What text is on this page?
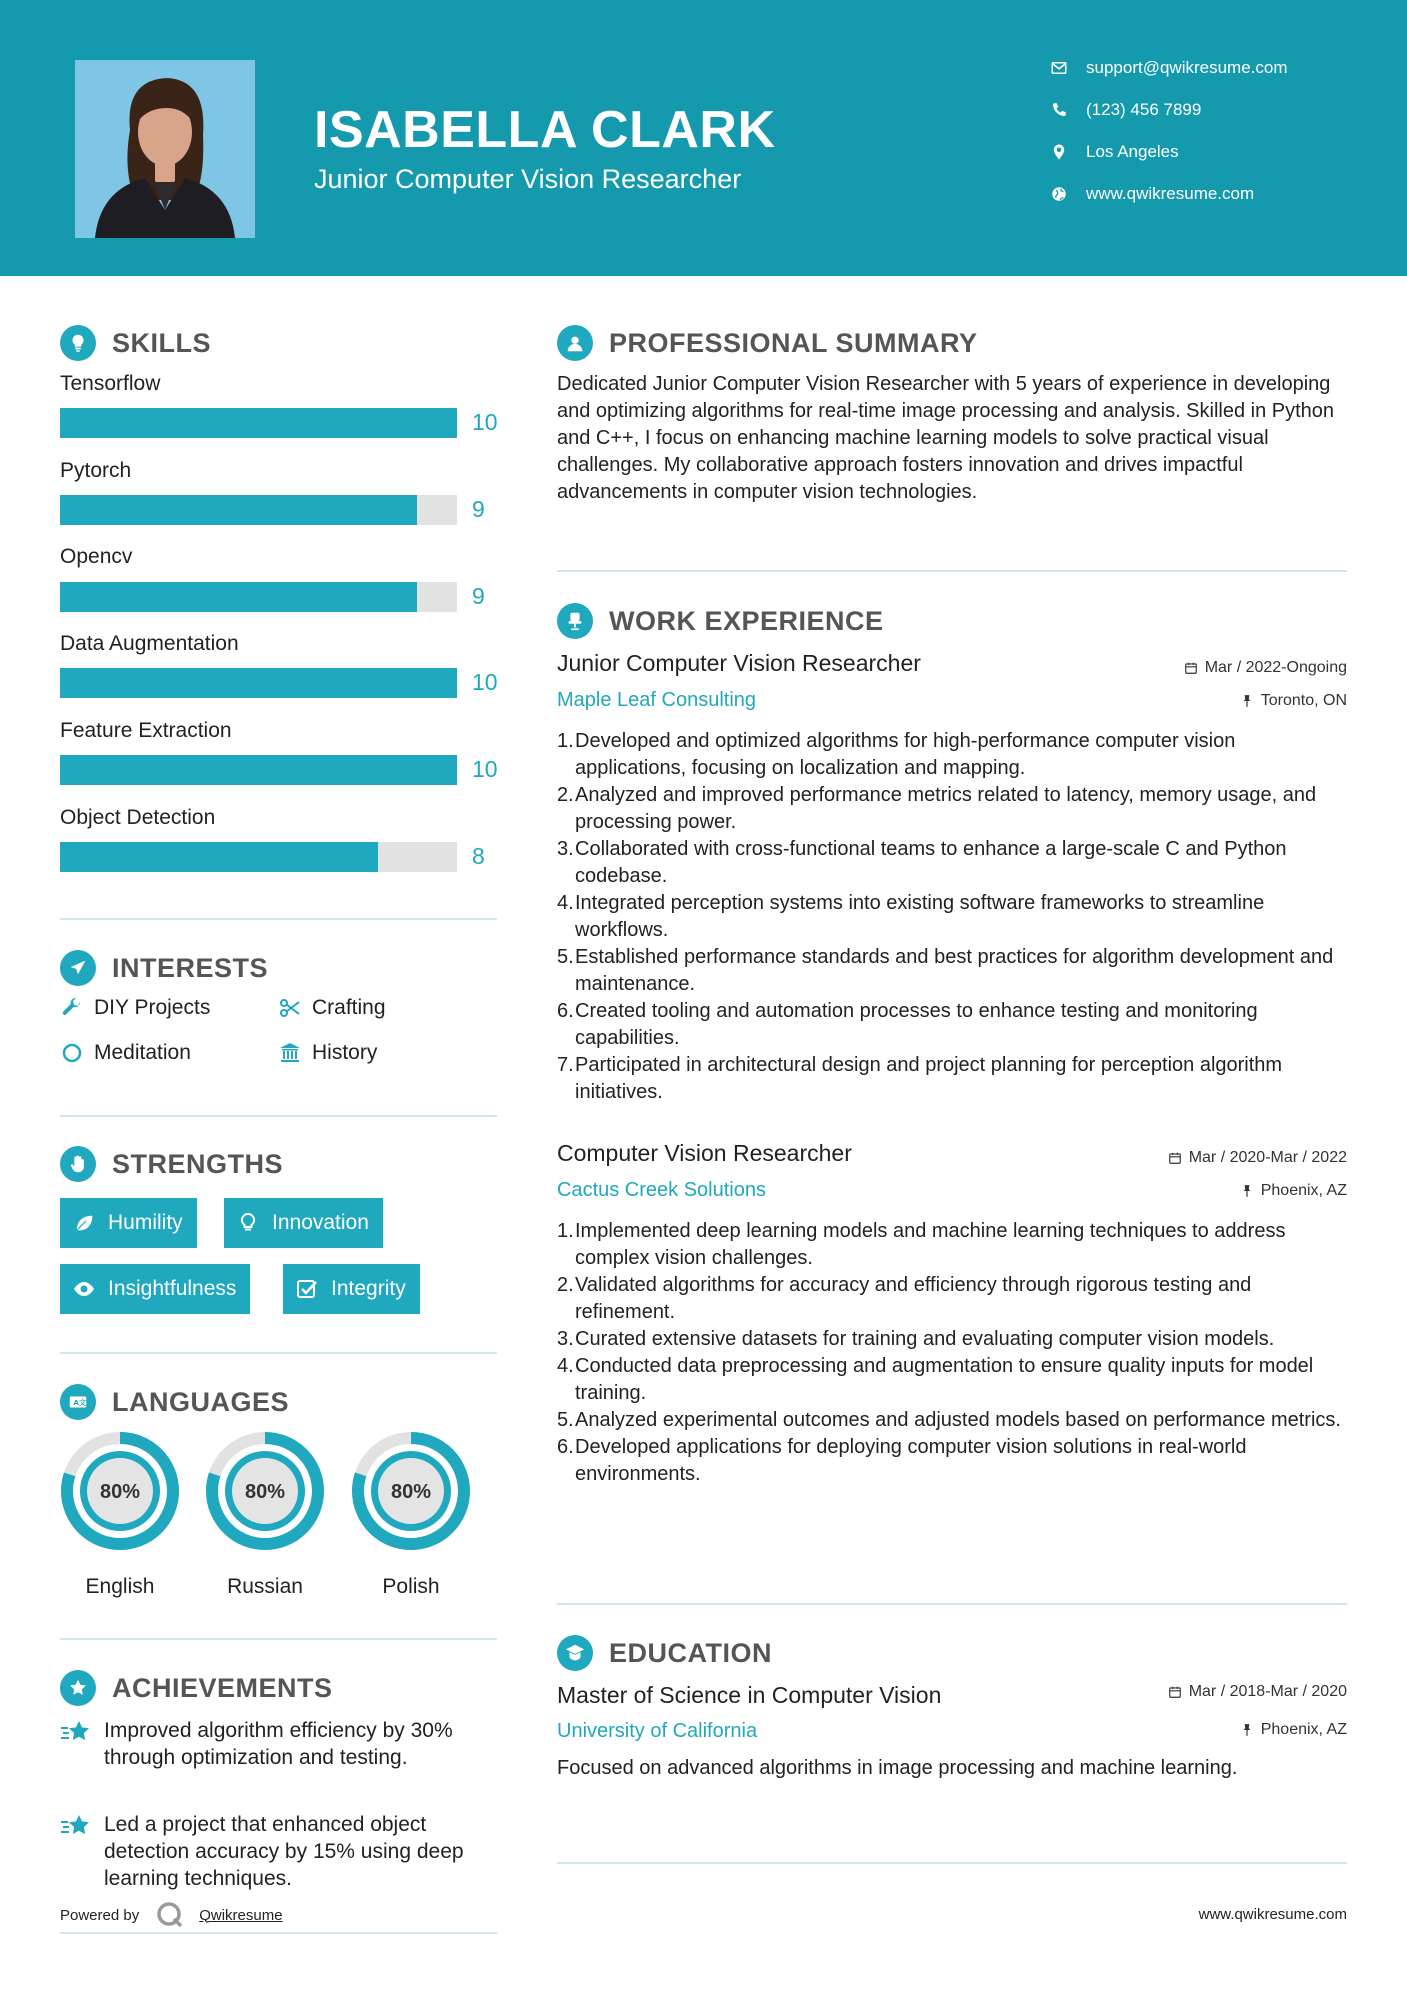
ISABELLA CLARK
Junior Computer Vision Researcher
support@qwikresume.com
(123) 456 7899
Los Angeles
www.qwikresume.com
SKILLS
Tensorflow
10
Pytorch
9
Opencv
9
Data Augmentation
10
Feature Extraction
10
Object Detection
8
INTERESTS
DIY Projects	Crafting
Meditation	History
STRENGTHS
Humility	Innovation
Insightfulness	Integrity
A 文 LANGUAGES
80%
English
80%
Russian
80%
Polish
ACHIEVEMENTS
Improved algorithm efficiency by 30% through optimization and testing.
Led a project that enhanced object detection accuracy by 15% using deep learning techniques.
Powered by	Qwikresume
PROFESSIONAL SUMMARY
Dedicated Junior Computer Vision Researcher with 5 years of experience in developing and optimizing algorithms for real-time image processing and analysis. Skilled in Python and C++, I focus on enhancing machine learning models to solve practical visual challenges. My collaborative approach fosters innovation and drives impactful advancements in computer vision technologies.
WORK EXPERIENCE
Junior Computer Vision Researcher	Mar / 2022-Ongoing
Maple Leaf Consulting	Toronto, ON
1. Developed and optimized algorithms for high-performance computer vision applications, focusing on localization and mapping.
2. Analyzed and improved performance metrics related to latency, memory usage, and processing power.
3. Collaborated with cross-functional teams to enhance a large-scale C and Python codebase.
4. Integrated perception systems into existing software frameworks to streamline workflows.
5. Established performance standards and best practices for algorithm development and maintenance.
6. Created tooling and automation processes to enhance testing and monitoring capabilities.
7. Participated in architectural design and project planning for perception algorithm initiatives.
Computer Vision Researcher	Mar / 2020-Mar / 2022
Cactus Creek Solutions	Phoenix, AZ
1. Implemented deep learning models and machine learning techniques to address complex vision challenges.
2. Validated algorithms for accuracy and efficiency through rigorous testing and refinement.
3. Curated extensive datasets for training and evaluating computer vision models.
4. Conducted data preprocessing and augmentation to ensure quality inputs for model training.
5. Analyzed experimental outcomes and adjusted models based on performance metrics.
6. Developed applications for deploying computer vision solutions in real-world environments.
EDUCATION
Master of Science in Computer Vision	Mar / 2018-Mar / 2020
University of California	Phoenix, AZ
Focused on advanced algorithms in image processing and machine learning.
www.qwikresume.com
